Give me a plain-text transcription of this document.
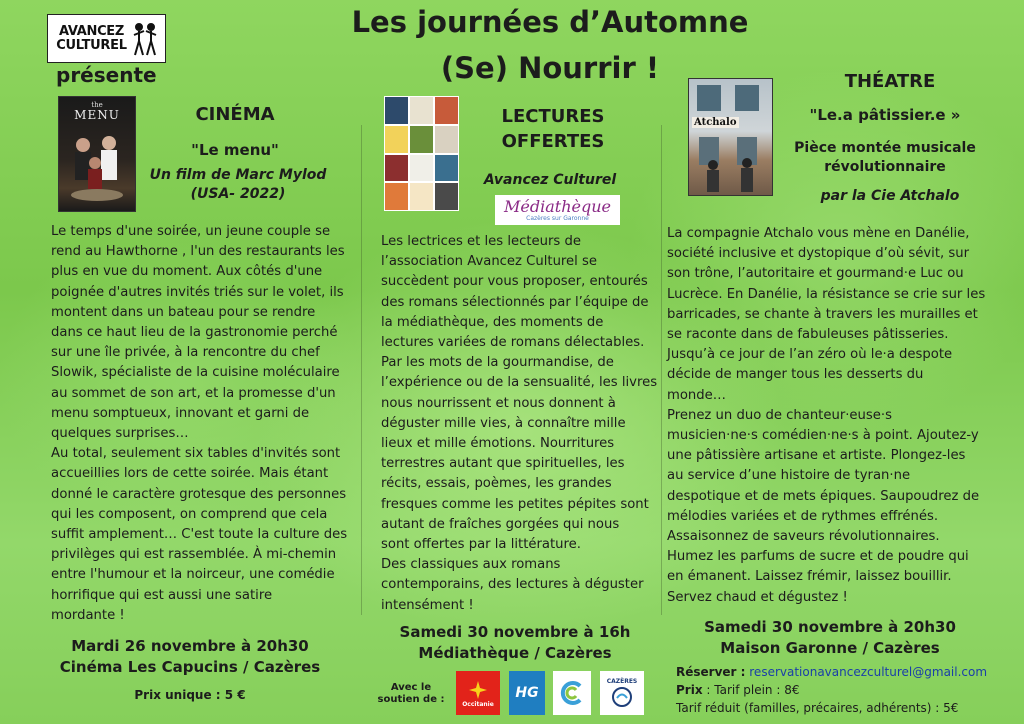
AVANCEZ CULTUREL
présente
Les journées d’Automne
(Se) Nourrir !
the
MENU	CINÉMA
"Le menu"
Un film de Marc Mylod
(USA- 2022)
Le temps d'une soirée, un jeune couple se
rend au Hawthorne , l'un des restaurants les
plus en vue du moment. Aux côtés d'une
poignée d'autres invités triés sur le volet, ils
montent dans un bateau pour se rendre
dans ce haut lieu de la gastronomie perché
sur une île privée, à la rencontre du chef
Slowik, spécialiste de la cuisine moléculaire
au sommet de son art, et la promesse d'un
menu somptueux, innovant et garni de
quelques surprises…
Au total, seulement six tables d'invités sont
accueillies lors de cette soirée. Mais étant
donné le caractère grotesque des personnes
qui les composent, on comprend que cela
suffit amplement… C'est toute la culture des
privilèges qui est rassemblée. À mi-chemin
entre l'humour et la noirceur, une comédie
horrifique qui est aussi une satire
mordante !
Mardi 26 novembre à 20h30
Cinéma Les Capucins / Cazères
Prix unique : 5 €
LECTURES
OFFERTES
Avancez Culturel
Médiathèque
Cazères sur Garonne
Les lectrices et les lecteurs de
l’association Avancez Culturel se
succèdent pour vous proposer, entourés
des romans sélectionnés par l’équipe de
la médiathèque, des moments de
lectures variées de romans délectables.
Par les mots de la gourmandise, de
l’expérience ou de la sensualité, les livres
nous nourrissent et nous donnent à
déguster mille vies, à connaître mille
lieux et mille émotions. Nourritures
terrestres autant que spirituelles, les
récits, essais, poèmes, les grandes
fresques comme les petites pépites sont
autant de fraîches gorgées qui nous
sont offertes par la littérature.
Des classiques aux romans
contemporains, des lectures à déguster
intensément !
Samedi 30 novembre à 16h
Médiathèque / Cazères
Avec le
soutien de :	Occitanie
HG
CAZÈRES
Atchalo
THÉATRE
"Le.a pâtissier.e »
Pièce montée musicale
révolutionnaire
par la Cie Atchalo
La compagnie Atchalo vous mène en Danélie,
société inclusive et dystopique d’où sévit, sur
son trône, l’autoritaire et gourmand·e Luc ou
Lucrèce. En Danélie, la résistance se crie sur les
barricades, se chante à travers les murailles et
se raconte dans de fabuleuses pâtisseries.
Jusqu’à ce jour de l’an zéro où le·a despote
décide de manger tous les desserts du
monde…
Prenez un duo de chanteur·euse·s
musicien·ne·s comédien·ne·s à point. Ajoutez-y
une pâtissière artisane et artiste. Plongez-les
au service d’une histoire de tyran·ne
despotique et de mets épiques. Saupoudrez de
mélodies variées et de rythmes effrénés.
Assaisonnez de saveurs révolutionnaires.
Humez les parfums de sucre et de poudre qui
en émanent. Laissez frémir, laissez bouillir.
Servez chaud et dégustez !
Samedi 30 novembre à 20h30
Maison Garonne / Cazères
Réserver : reservationavancezculturel@gmail.com
Prix : Tarif plein : 8€
Tarif réduit (familles, précaires, adhérents) : 5€
